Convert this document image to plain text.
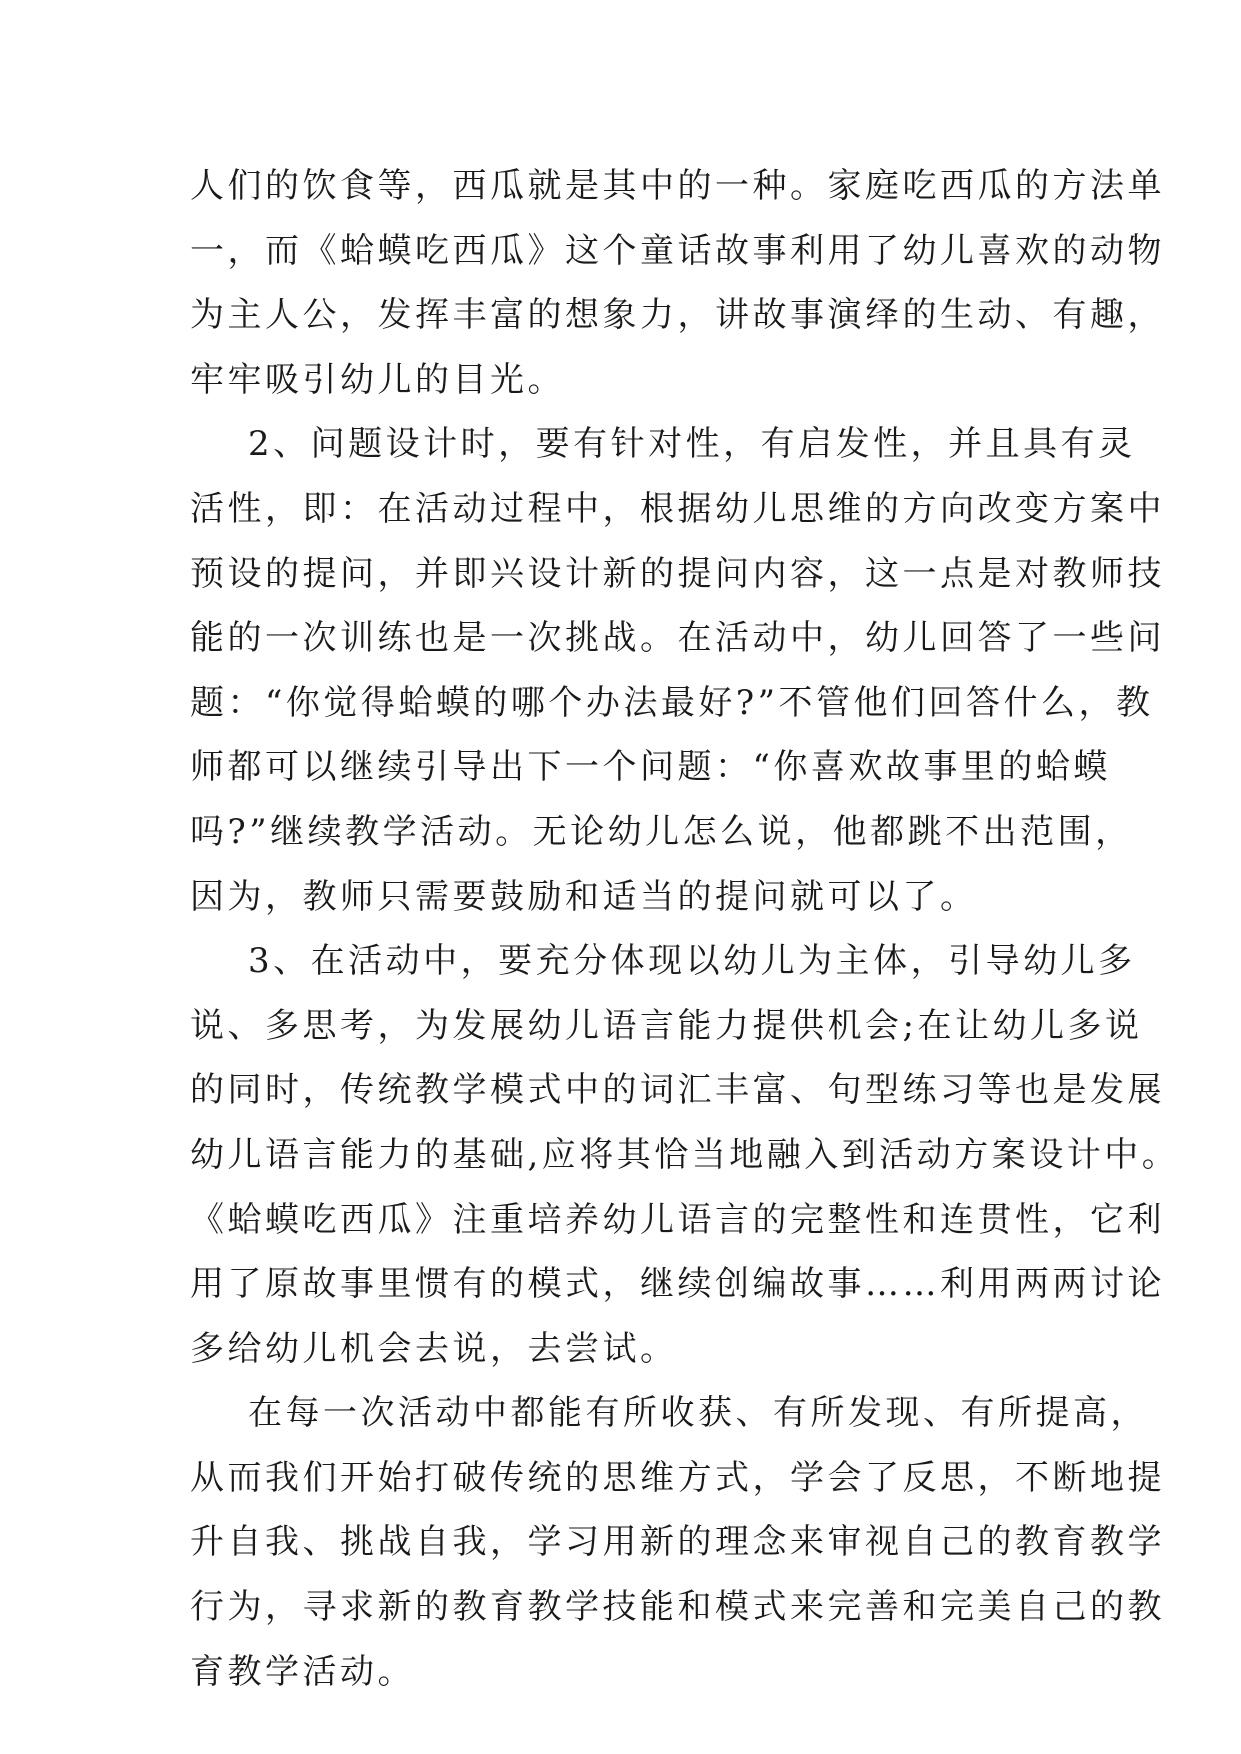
人们的饮食等，西瓜就是其中的一种。家庭吃西瓜的方法单
一，而《蛤蟆吃西瓜》这个童话故事利用了幼儿喜欢的动物
为主人公，发挥丰富的想象力，讲故事演绎的生动、有趣，
牢牢吸引幼儿的目光。
2、问题设计时，要有针对性，有启发性，并且具有灵
活性，即：在活动过程中，根据幼儿思维的方向改变方案中
预设的提问，并即兴设计新的提问内容，这一点是对教师技
能的一次训练也是一次挑战。在活动中，幼儿回答了一些问
题：“你觉得蛤蟆的哪个办法最好?”不管他们回答什么，教
师都可以继续引导出下一个问题：“你喜欢故事里的蛤蟆
吗?”继续教学活动。无论幼儿怎么说，他都跳不出范围，
因为，教师只需要鼓励和适当的提问就可以了。
3、在活动中，要充分体现以幼儿为主体，引导幼儿多
说、多思考，为发展幼儿语言能力提供机会;在让幼儿多说
的同时，传统教学模式中的词汇丰富、句型练习等也是发展
幼儿语言能力的基础,应将其恰当地融入到活动方案设计中。
《蛤蟆吃西瓜》注重培养幼儿语言的完整性和连贯性，它利
用了原故事里惯有的模式，继续创编故事……利用两两讨论
多给幼儿机会去说，去尝试。
在每一次活动中都能有所收获、有所发现、有所提高，
从而我们开始打破传统的思维方式，学会了反思，不断地提
升自我、挑战自我，学习用新的理念来审视自己的教育教学
行为，寻求新的教育教学技能和模式来完善和完美自己的教
育教学活动。
